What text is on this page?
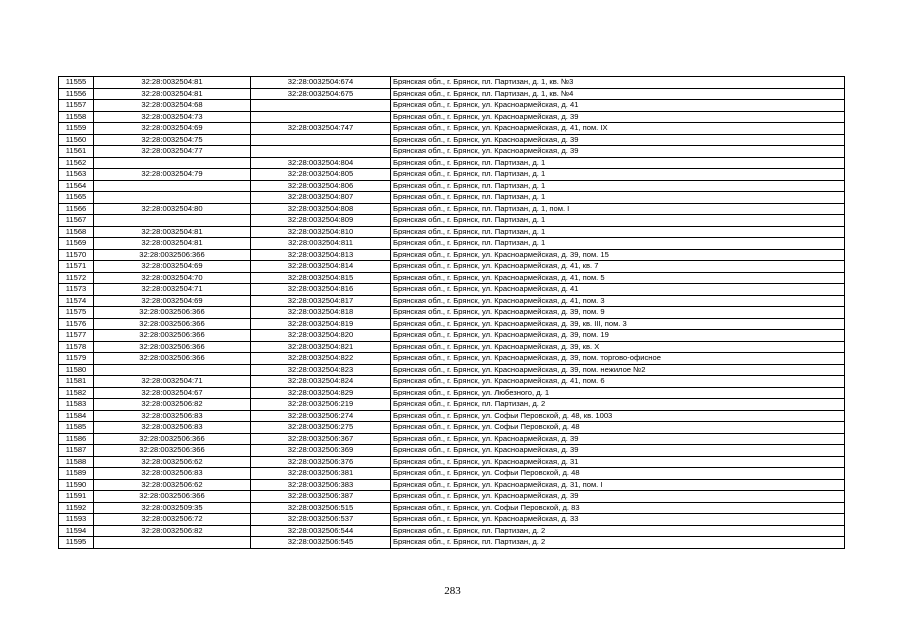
11555	32:28:0032504:81	32:28:0032504:674	Брянская обл., г. Брянск, пл. Партизан, д. 1, кв. №3
11556	32:28:0032504:81	32:28:0032504:675	Брянская обл., г. Брянск, пл. Партизан, д. 1, кв. №4
11557	32:28:0032504:68		Брянская обл., г. Брянск, ул. Красноармейская, д. 41
11558	32:28:0032504:73		Брянская обл., г. Брянск, ул. Красноармейская, д. 39
11559	32:28:0032504:69	32:28:0032504:747	Брянская обл., г. Брянск, ул. Красноармейская, д. 41, пом. IX
11560	32:28:0032504:75		Брянская обл., г. Брянск, ул. Красноармейская, д. 39
11561	32:28:0032504:77		Брянская обл., г. Брянск, ул. Красноармейская, д. 39
11562		32:28:0032504:804	Брянская обл., г. Брянск, пл. Партизан, д. 1
11563	32:28:0032504:79	32:28:0032504:805	Брянская обл., г. Брянск, пл. Партизан, д. 1
11564		32:28:0032504:806	Брянская обл., г. Брянск, пл. Партизан, д. 1
11565		32:28:0032504:807	Брянская обл., г. Брянск, пл. Партизан, д. 1
11566	32:28:0032504:80	32:28:0032504:808	Брянская обл., г. Брянск, пл. Партизан, д. 1, пом. I
11567		32:28:0032504:809	Брянская обл., г. Брянск, пл. Партизан, д. 1
11568	32:28:0032504:81	32:28:0032504:810	Брянская обл., г. Брянск, пл. Партизан, д. 1
11569	32:28:0032504:81	32:28:0032504:811	Брянская обл., г. Брянск, пл. Партизан, д. 1
11570	32:28:0032506:366	32:28:0032504:813	Брянская обл., г. Брянск, ул. Красноармейская, д. 39, пом. 15
11571	32:28:0032504:69	32:28:0032504:814	Брянская обл., г. Брянск, ул. Красноармейская, д. 41, кв. 7
11572	32:28:0032504:70	32:28:0032504:815	Брянская обл., г. Брянск, ул. Красноармейская, д. 41, пом. 5
11573	32:28:0032504:71	32:28:0032504:816	Брянская обл., г. Брянск, ул. Красноармейская, д. 41
11574	32:28:0032504:69	32:28:0032504:817	Брянская обл., г. Брянск, ул. Красноармейская, д. 41, пом. 3
11575	32:28:0032506:366	32:28:0032504:818	Брянская обл., г. Брянск, ул. Красноармейская, д. 39, пом. 9
11576	32:28:0032506:366	32:28:0032504:819	Брянская обл., г. Брянск, ул. Красноармейская, д. 39, кв. III, пом. 3
11577	32:28:0032506:366	32:28:0032504:820	Брянская обл., г. Брянск, ул. Красноармейская, д. 39, пом. 19
11578	32:28:0032506:366	32:28:0032504:821	Брянская обл., г. Брянск, ул. Красноармейская, д. 39, кв. X
11579	32:28:0032506:366	32:28:0032504:822	Брянская обл., г. Брянск, ул. Красноармейская, д. 39, пом. торгово-офисное
11580		32:28:0032504:823	Брянская обл., г. Брянск, ул. Красноармейская, д. 39, пом. нежилое №2
11581	32:28:0032504:71	32:28:0032504:824	Брянская обл., г. Брянск, ул. Красноармейская, д. 41, пом. 6
11582	32:28:0032504:67	32:28:0032504:829	Брянская обл., г. Брянск, ул. Любезного, д. 1
11583	32:28:0032506:82	32:28:0032506:219	Брянская обл., г. Брянск, пл. Партизан, д. 2
11584	32:28:0032506:83	32:28:0032506:274	Брянская обл., г. Брянск, ул. Софьи Перовской, д. 48, кв. 1003
11585	32:28:0032506:83	32:28:0032506:275	Брянская обл., г. Брянск, ул. Софьи Перовской, д. 48
11586	32:28:0032506:366	32:28:0032506:367	Брянская обл., г. Брянск, ул. Красноармейская, д. 39
11587	32:28:0032506:366	32:28:0032506:369	Брянская обл., г. Брянск, ул. Красноармейская, д. 39
11588	32:28:0032506:62	32:28:0032506:376	Брянская обл., г. Брянск, ул. Красноармейская, д. 31
11589	32:28:0032506:83	32:28:0032506:381	Брянская обл., г. Брянск, ул. Софьи Перовской, д. 48
11590	32:28:0032506:62	32:28:0032506:383	Брянская обл., г. Брянск, ул. Красноармейская, д. 31, пом. I
11591	32:28:0032506:366	32:28:0032506:387	Брянская обл., г. Брянск, ул. Красноармейская, д. 39
11592	32:28:0032509:35	32:28:0032506:515	Брянская обл., г. Брянск, ул. Софьи Перовской, д. 83
11593	32:28:0032506:72	32:28:0032506:537	Брянская обл., г. Брянск, ул. Красноармейская, д. 33
11594	32:28:0032506:82	32:28:0032506:544	Брянская обл., г. Брянск, пл. Партизан, д. 2
11595		32:28:0032506:545	Брянская обл., г. Брянск, пл. Партизан, д. 2
283
